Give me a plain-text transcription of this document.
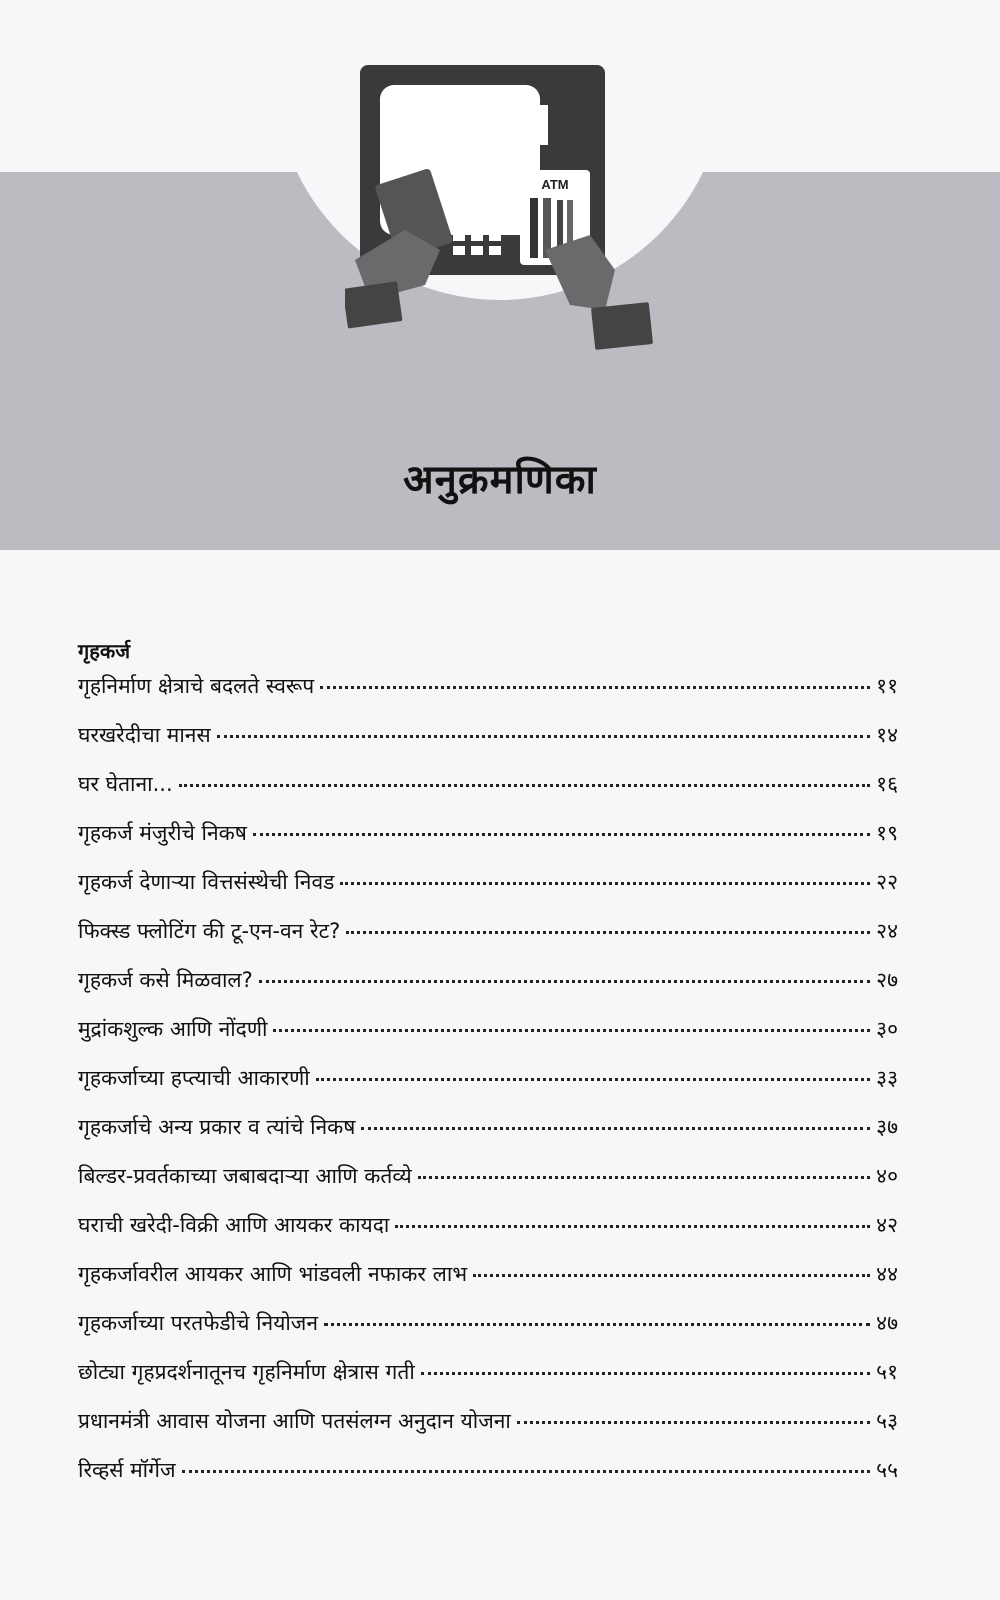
ATM
अनुक्रमणिका
गृहकर्ज
गृहनिर्माण क्षेत्राचे बदलते स्वरूप	११
घरखरेदीचा मानस	१४
घर घेताना...	१६
गृहकर्ज मंजुरीचे निकष	१९
गृहकर्ज देणाऱ्या वित्तसंस्थेची निवड	२२
फिक्स्ड फ्लोटिंग की टू-एन-वन रेट?	२४
गृहकर्ज कसे मिळवाल?	२७
मुद्रांकशुल्क आणि नोंदणी	३०
गृहकर्जाच्या हप्त्याची आकारणी	३३
गृहकर्जाचे अन्य प्रकार व त्यांचे निकष	३७
बिल्डर-प्रवर्तकाच्या जबाबदाऱ्या आणि कर्तव्ये	४०
घराची खरेदी-विक्री आणि आयकर कायदा	४२
गृहकर्जावरील आयकर आणि भांडवली नफाकर लाभ	४४
गृहकर्जाच्या परतफेडीचे नियोजन	४७
छोट्या गृहप्रदर्शनातूनच गृहनिर्माण क्षेत्रास गती	५१
प्रधानमंत्री आवास योजना आणि पतसंलग्न अनुदान योजना	५३
रिव्हर्स मॉर्गेज	५५
